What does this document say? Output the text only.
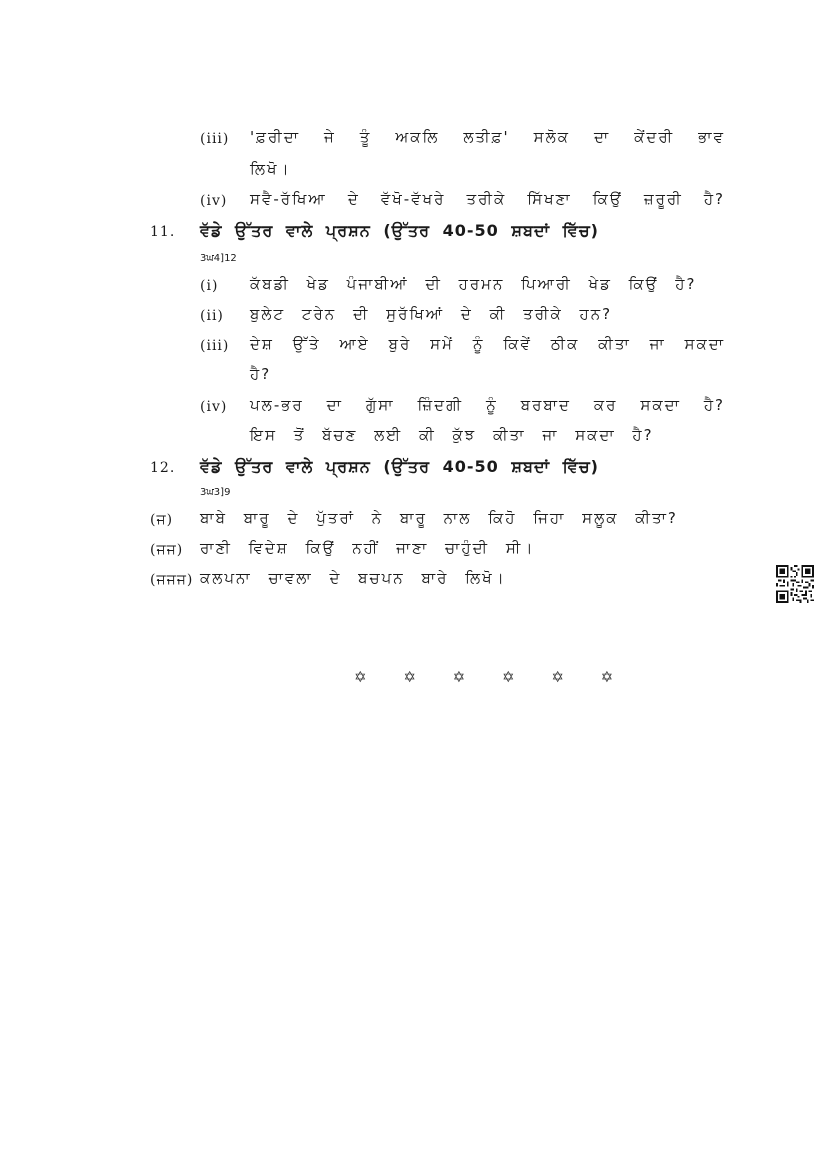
(iii) 'ਫ਼ਰੀਦਾ ਜੇ ਤੂੰ ਅਕਲਿ ਲਤੀਫ਼' ਸਲੋਕ ਦਾ ਕੇਂਦਰੀ ਭਾਵ
ਲਿਖੋ।
(iv) ਸਵੈ-ਰੱਖਿਆ ਦੇ ਵੱਖੋ-ਵੱਖਰੇ ਤਰੀਕੇ ਸਿੱਖਣਾ ਕਿਉਂ ਜ਼ਰੂਰੀ ਹੈ?
11. ਵੱਡੇ ਉੱਤਰ ਵਾਲੇ ਪ੍ਰਸ਼ਨ (ਉੱਤਰ 40-50 ਸ਼ਬਦਾਂ ਵਿੱਚ)
3ਘ4]12
(i) ਕੱਬਡੀ ਖੇਡ ਪੰਜਾਬੀਆਂ ਦੀ ਹਰਮਨ ਪਿਆਰੀ ਖੇਡ ਕਿਉਂ ਹੈ?
(ii) ਬੁਲੇਟ ਟਰੇਨ ਦੀ ਸੁਰੱਖਿਆਂ ਦੇ ਕੀ ਤਰੀਕੇ ਹਨ?
(iii) ਦੇਸ਼ ਉੱਤੇ ਆਏ ਬੁਰੇ ਸਮੇਂ ਨੂੰ ਕਿਵੇਂ ਠੀਕ ਕੀਤਾ ਜਾ ਸਕਦਾ
ਹੈ?
(iv) ਪਲ-ਭਰ ਦਾ ਗੁੱਸਾ ਜ਼ਿੰਦਗੀ ਨੂੰ ਬਰਬਾਦ ਕਰ ਸਕਦਾ ਹੈ?
ਇਸ ਤੋਂ ਬੱਚਣ ਲਈ ਕੀ ਕੁੱਝ ਕੀਤਾ ਜਾ ਸਕਦਾ ਹੈ?
12. ਵੱਡੇ ਉੱਤਰ ਵਾਲੇ ਪ੍ਰਸ਼ਨ (ਉੱਤਰ 40-50 ਸ਼ਬਦਾਂ ਵਿੱਚ)
3ਘ3]9
(ਜ) ਬਾਬੇ ਬਾਰੂ ਦੇ ਪੁੱਤਰਾਂ ਨੇ ਬਾਰੂ ਨਾਲ ਕਿਹੋ ਜਿਹਾ ਸਲੂਕ ਕੀਤਾ?
(ਜਜ) ਰਾਣੀ ਵਿਦੇਸ਼ ਕਿਉਂ ਨਹੀਂ ਜਾਣਾ ਚਾਹੁੰਦੀ ਸੀ।
(ਜਜਜ) ਕਲਪਨਾ ਚਾਵਲਾ ਦੇ ਬਚਪਨ ਬਾਰੇ ਲਿਖੋ।
✡ ✡ ✡ ✡ ✡ ✡
